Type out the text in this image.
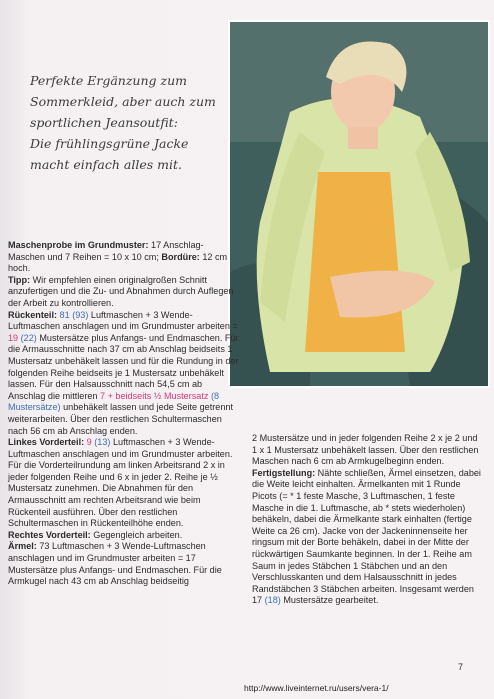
Perfekte Ergänzung zum
Sommerkleid, aber auch zum
sportlichen Jeansoutfit:
Die frühlingsgrüne Jacke
macht einfach alles mit.

Maschenprobe im Grundmuster: 17 Anschlag-Maschen und 7 Reihen = 10 x 10 cm; Bordüre: 12 cm hoch.

Tipp: Wir empfehlen einen originalgroßen Schnitt anzufertigen und die Zu- und Abnahmen durch Auflegen der Arbeit zu kontrollieren.

Rückenteil: 81 (93) Luftmaschen + 3 Wende-Luftmaschen anschlagen und im Grundmuster arbeiten = 19 (22) Mustersätze plus Anfangs- und Endmaschen. Für die Armausschnitte nach 37 cm ab Anschlag beidseits 1 Mustersatz unbehäkelt lassen und für die Rundung in der folgenden Reihe beidseits je 1 Mustersatz unbehäkelt lassen. Für den Halsausschnitt nach 54,5 cm ab Anschlag die mittleren 7 + beidseits ½ Mustersatz (8 Mustersätze) unbehäkelt lassen und jede Seite getrennt weiterarbeiten. Über den restlichen Schultermaschen nach 56 cm ab Anschlag enden.

Linkes Vorderteil: 9 (13) Luftmaschen + 3 Wende-Luftmaschen anschlagen und im Grundmuster arbeiten. Für die Vorderteilrundung am linken Arbeitsrand 2 x in jeder folgenden Reihe und 6 x in jeder 2. Reihe je ½ Mustersatz zunehmen. Die Abnahmen für den Armausschnitt am rechten Arbeitsrand wie beim Rückenteil ausführen. Über den restlichen Schultermaschen in Rückenteilhöhe enden.

Rechtes Vorderteil: Gegengleich arbeiten.

Ärmel: 73 Luftmaschen + 3 Wende-Luftmaschen anschlagen und im Grundmuster arbeiten = 17 Mustersätze plus Anfangs- und Endmaschen. Für die Armkugel nach 43 cm ab Anschlag beidseitig

2 Mustersätze und in jeder folgenden Reihe 2 x je 2 und 1 x 1 Mustersatz unbehäkelt lassen. Über den restlichen Maschen nach 6 cm ab Armkugelbeginn enden.

Fertigstellung: Nähte schließen, Ärmel einsetzen, dabei die Weite leicht einhalten. Ärmelkanten mit 1 Runde Picots (= * 1 feste Masche, 3 Luftmaschen, 1 feste Masche in die 1. Luftmasche, ab * stets wiederholen) behäkeln, dabei die Ärmelkante stark einhalten (fertige Weite ca 26 cm). Jacke von der Jackeninnenseite her ringsum mit der Borte behäkeln, dabei in der Mitte der rückwärtigen Saumkante beginnen. In der 1. Reihe am Saum in jedes Stäbchen 1 Stäbchen und an den Verschlusskanten und dem Halsausschnitt in jedes Randstäbchen 3 Stäbchen arbeiten. Insgesamt werden 17 (18) Mustersätze gearbeitet.

7
http://www.liveinternet.ru/users/vera-1/
